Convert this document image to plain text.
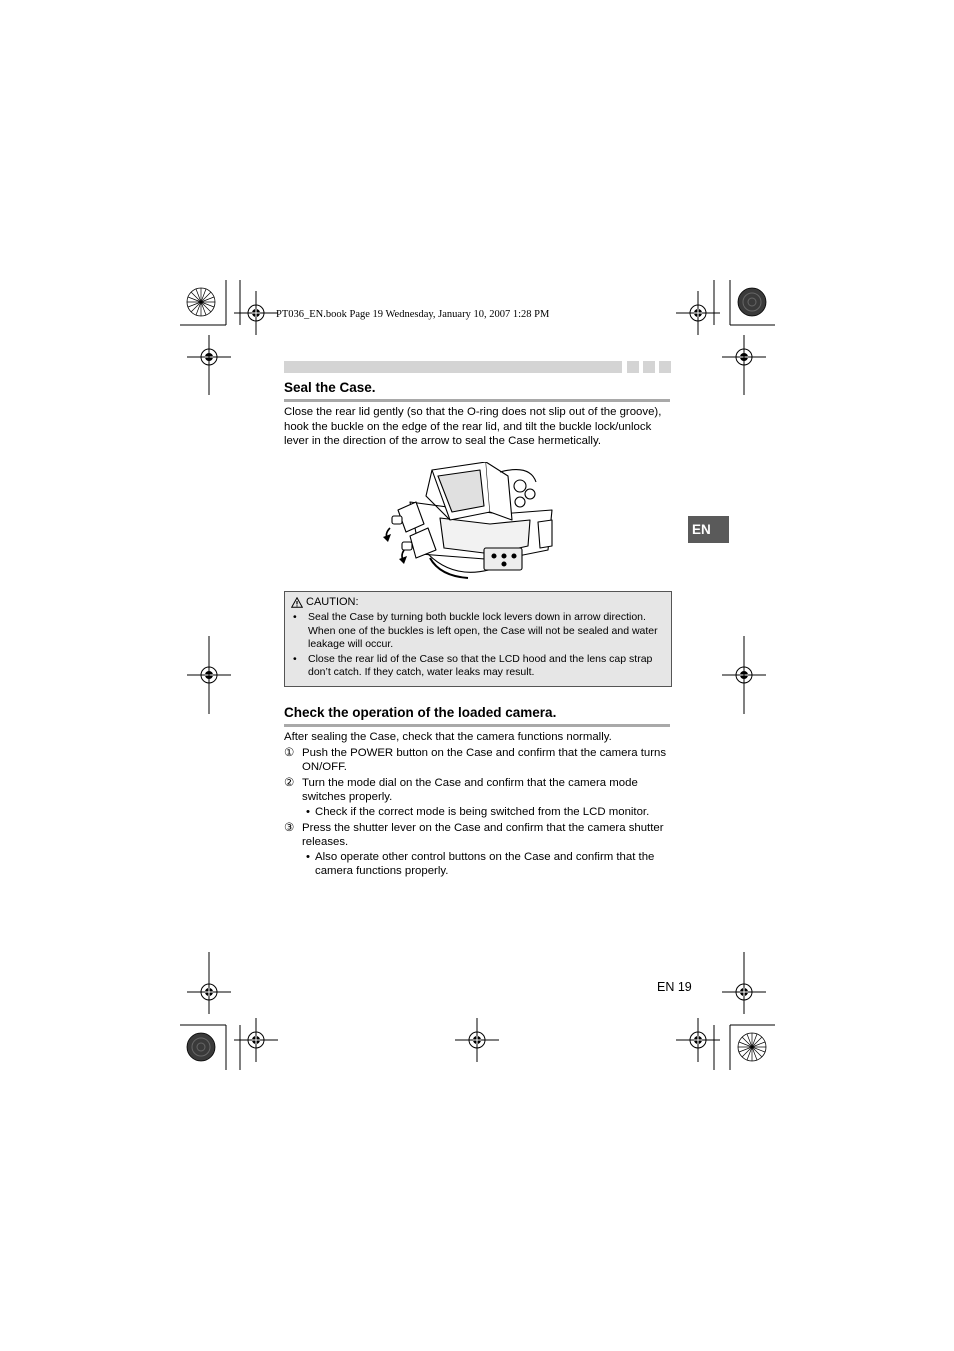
PT036_EN.book Page 19 Wednesday, January 10, 2007 1:28 PM
Seal the Case.
Close the rear lid gently (so that the O-ring does not slip out of the groove), hook the buckle on the edge of the rear lid, and tilt the buckle lock/unlock lever in the direction of the arrow to seal the Case hermetically.
CAUTION:
•	Seal the Case by turning both buckle lock levers down in arrow direction. When one of the buckles is left open, the Case will not be sealed and water leakage will occur.
•	Close the rear lid of the Case so that the LCD hood and the lens cap strap don’t catch. If they catch, water leaks may result.
Check the operation of the loaded camera.

After sealing the Case, check that the camera functions normally.

① Push the POWER button on the Case and confirm that the camera turns ON/OFF.
② Turn the mode dial on the Case and confirm that the camera mode switches properly.
• Check if the correct mode is being switched from the LCD monitor.
③ Press the shutter lever on the Case and confirm that the camera shutter releases.
• Also operate other control buttons on the Case and confirm that the camera functions properly.
EN
EN 19
